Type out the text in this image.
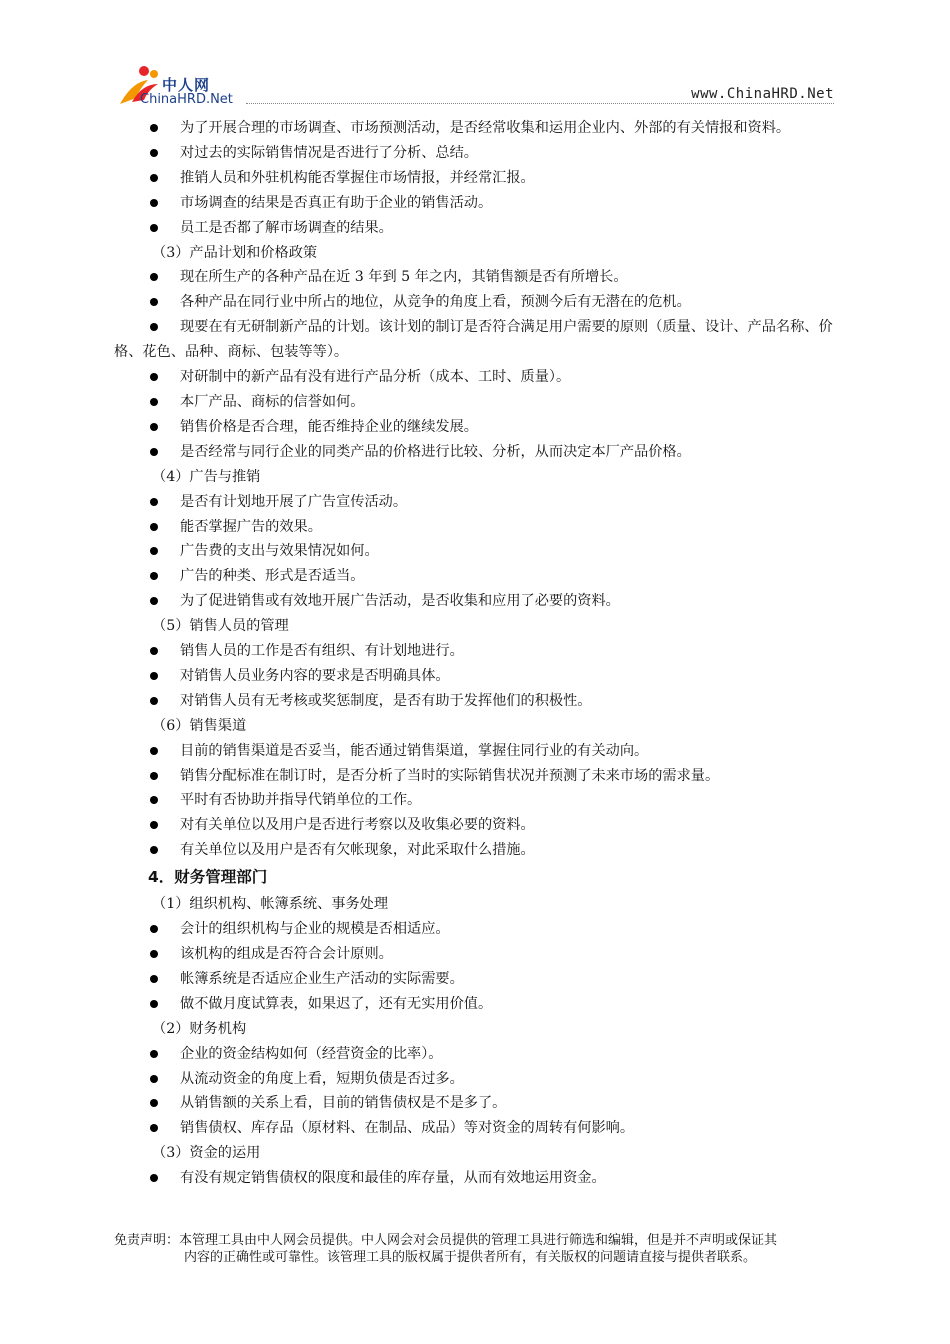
中人网
ChinaHRD.Net	www.ChinaHRD.Net

为了开展合理的市场调查、市场预测活动，是否经常收集和运用企业内、外部的有关情报和资料。

对过去的实际销售情况是否进行了分析、总结。

推销人员和外驻机构能否掌握住市场情报，并经常汇报。

市场调查的结果是否真正有助于企业的销售活动。

员工是否都了解市场调查的结果。

（3）产品计划和价格政策

现在所生产的各种产品在近 3 年到 5 年之内，其销售额是否有所增长。

各种产品在同行业中所占的地位，从竞争的角度上看，预测今后有无潜在的危机。

现要在有无研制新产品的计划。该计划的制订是否符合满足用户需要的原则（质量、设计、产品名称、价格、花色、品种、商标、包装等等）。

对研制中的新产品有没有进行产品分析（成本、工时、质量）。

本厂产品、商标的信誉如何。

销售价格是否合理，能否维持企业的继续发展。

是否经常与同行企业的同类产品的价格进行比较、分析，从而决定本厂产品价格。

（4）广告与推销

是否有计划地开展了广告宣传活动。

能否掌握广告的效果。

广告费的支出与效果情况如何。

广告的种类、形式是否适当。

为了促进销售或有效地开展广告活动，是否收集和应用了必要的资料。

（5）销售人员的管理

销售人员的工作是否有组织、有计划地进行。

对销售人员业务内容的要求是否明确具体。

对销售人员有无考核或奖惩制度，是否有助于发挥他们的积极性。

（6）销售渠道

目前的销售渠道是否妥当，能否通过销售渠道，掌握住同行业的有关动向。

销售分配标准在制订时，是否分析了当时的实际销售状况并预测了未来市场的需求量。

平时有否协助并指导代销单位的工作。

对有关单位以及用户是否进行考察以及收集必要的资料。

有关单位以及用户是否有欠帐现象，对此采取什么措施。

4．财务管理部门

（1）组织机构、帐簿系统、事务处理

会计的组织机构与企业的规模是否相适应。

该机构的组成是否符合会计原则。

帐簿系统是否适应企业生产活动的实际需要。

做不做月度试算表，如果迟了，还有无实用价值。

（2）财务机构

企业的资金结构如何（经营资金的比率）。

从流动资金的角度上看，短期负债是否过多。

从销售额的关系上看，目前的销售债权是不是多了。

销售债权、库存品（原材料、在制品、成品）等对资金的周转有何影响。

（3）资金的运用

有没有规定销售债权的限度和最佳的库存量，从而有效地运用资金。

免责声明：本管理工具由中人网会员提供。中人网会对会员提供的管理工具进行筛选和编辑，但是并不声明或保证其
内容的正确性或可靠性。该管理工具的版权属于提供者所有，有关版权的问题请直接与提供者联系。
